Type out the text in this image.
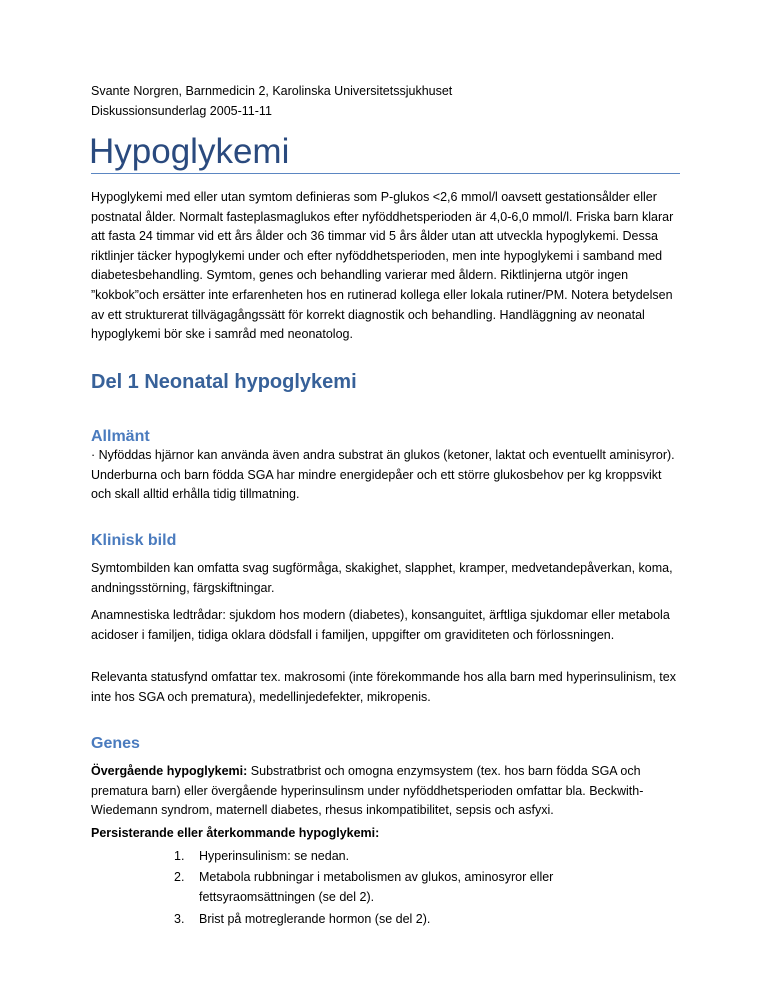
Svante Norgren, Barnmedicin 2, Karolinska Universitetssjukhuset
Diskussionsunderlag 2005-11-11
Hypoglykemi
Hypoglykemi med eller utan symtom definieras som P-glukos <2,6 mmol/l oavsett gestationsålder eller postnatal ålder. Normalt fasteplasmaglukos efter nyföddhetsperioden är 4,0-6,0 mmol/l. Friska barn klarar att fasta 24 timmar vid ett års ålder och 36 timmar vid 5 års ålder utan att utveckla hypoglykemi. Dessa riktlinjer täcker hypoglykemi under och efter nyföddhetsperioden, men inte hypoglykemi i samband med diabetesbehandling. Symtom, genes och behandling varierar med åldern. Riktlinjerna utgör ingen ”kokbok”och ersätter inte erfarenheten hos en rutinerad kollega eller lokala rutiner/PM. Notera betydelsen av ett strukturerat tillvägagångssätt för korrekt diagnostik och behandling. Handläggning av neonatal hypoglykemi bör ske i samråd med neonatolog.
Del 1 Neonatal hypoglykemi
Allmänt
· Nyföddas hjärnor kan använda även andra substrat än glukos (ketoner, laktat och eventuellt aminisyror). Underburna och barn födda SGA har mindre energidepåer och ett större glukosbehov per kg kroppsvikt och skall alltid erhålla tidig tillmatning.
Klinisk bild
Symtombilden kan omfatta svag sugförmåga, skakighet, slapphet, kramper, medvetandepåverkan, koma, andningsstörning, färgskiftningar.
Anamnestiska ledtrådar: sjukdom hos modern (diabetes), konsanguitet, ärftliga sjukdomar eller metabola acidoser i familjen, tidiga oklara dödsfall i familjen, uppgifter om graviditeten och förlossningen.
Relevanta statusfynd omfattar tex. makrosomi (inte förekommande hos alla barn med hyperinsulinism, tex inte hos SGA och prematura), medellinjedefekter, mikropenis.
Genes
Övergående hypoglykemi: Substratbrist och omogna enzymsystem (tex. hos barn födda SGA och prematura barn) eller övergående hyperinsulinsm under nyföddhetsperioden omfattar bla. Beckwith-Wiedemann syndrom, maternell diabetes, rhesus inkompatibilitet, sepsis och asfyxi.
Persisterande eller återkommande hypoglykemi:
1.	Hyperinsulinism: se nedan.
2.	Metabola rubbningar i metabolismen av glukos, aminosyror eller fettsyraomsättningen (se del 2).
3.	Brist på motreglerande hormon (se del 2).
